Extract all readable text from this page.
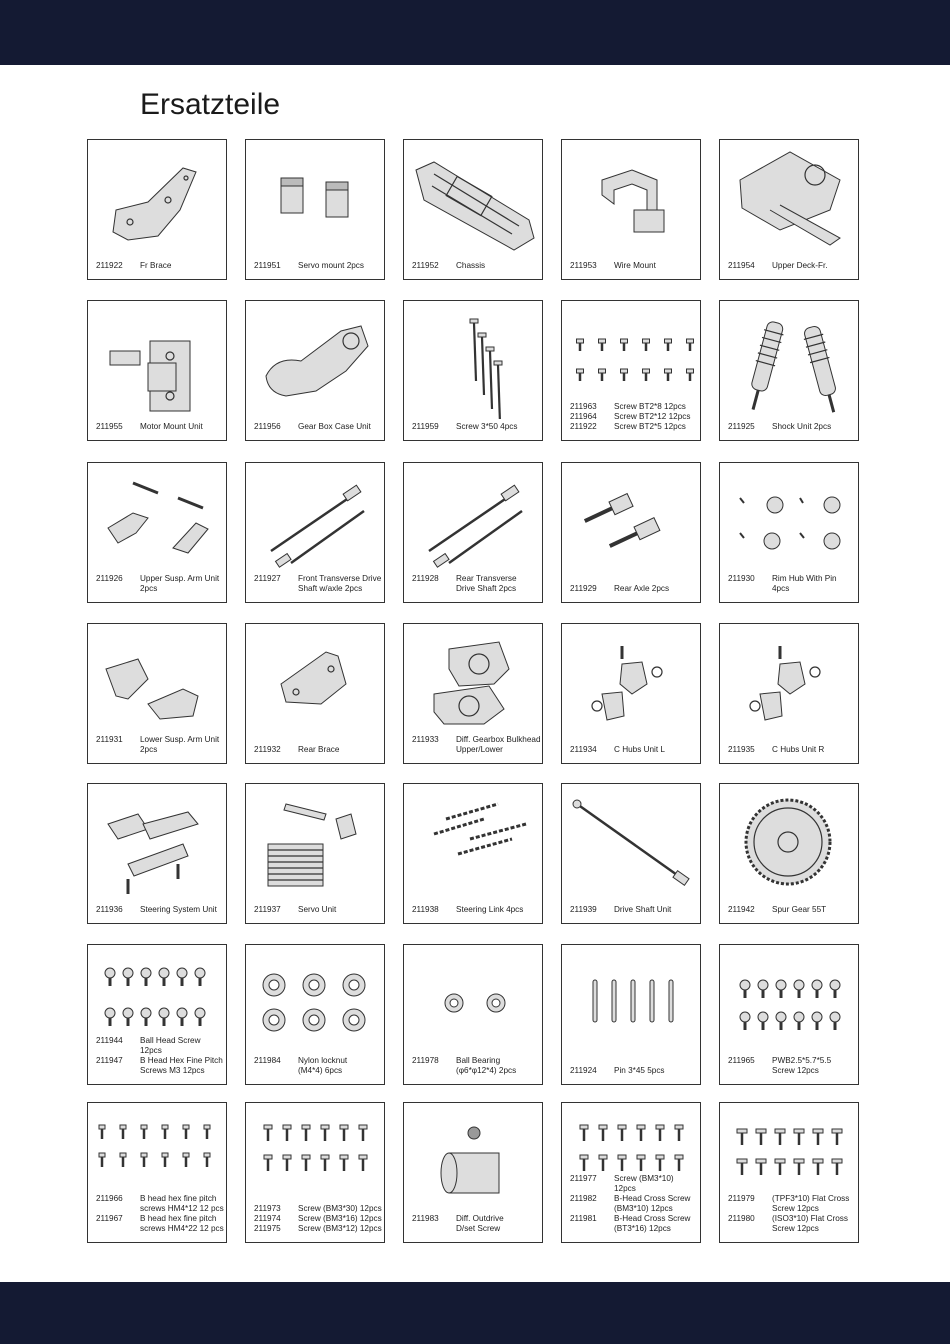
Ersatzteile
211922 Fr Brace	211951 Servo mount 2pcs	211952 Chassis	211953 Wire Mount	211954 Upper Deck-Fr.
211955 Motor Mount Unit	211956 Gear Box Case Unit	211959 Screw 3*50 4pcs
211963 Screw BT2*8 12pcs
211964 Screw BT2*12 12pcs
211922 Screw BT2*5 12pcs	211925 Shock Unit 2pcs
211926 Upper Susp. Arm Unit
2pcs
211927 Front Transverse Drive
Shaft w/axle 2pcs
211928 Rear Transverse
Drive Shaft 2pcs	211929 Rear Axle 2pcs
211930 Rim Hub With Pin
4pcs
211931 Lower Susp. Arm Unit
2pcs	211932 Rear Brace
211933 Diff. Gearbox Bulkhead
Upper/Lower	211934 C Hubs Unit L	211935 C Hubs Unit R
211936 Steering System Unit	211937 Servo Unit	211938 Steering Link 4pcs	211939 Drive Shaft Unit	211942 Spur Gear 55T
211944 Ball Head Screw
12pcs
211947 B Head Hex Fine Pitch
Screws M3 12pcs
211984 Nylon locknut
(M4*4) 6pcs
211978 Ball Bearing
(φ6*φ12*4) 2pcs	211924 Pin 3*45 5pcs
211965 PWB2.5*5.7*5.5
Screw 12pcs
211966 B head hex fine pitch
screws HM4*12 12 pcs
211967 B head hex fine pitch
screws HM4*22 12 pcs
211973 Screw (BM3*30) 12pcs
211974 Screw (BM3*16) 12pcs
211975 Screw (BM3*12) 12pcs
211983 Diff. Outdrive
D/set Screw
211977 Screw (BM3*10)
12pcs
211982 B-Head Cross Screw
(BM3*10) 12pcs
211981 B-Head Cross Screw
(BT3*16) 12pcs
211979 (TPF3*10) Flat Cross
Screw 12pcs
211980 (ISO3*10) Flat Cross
Screw 12pcs
